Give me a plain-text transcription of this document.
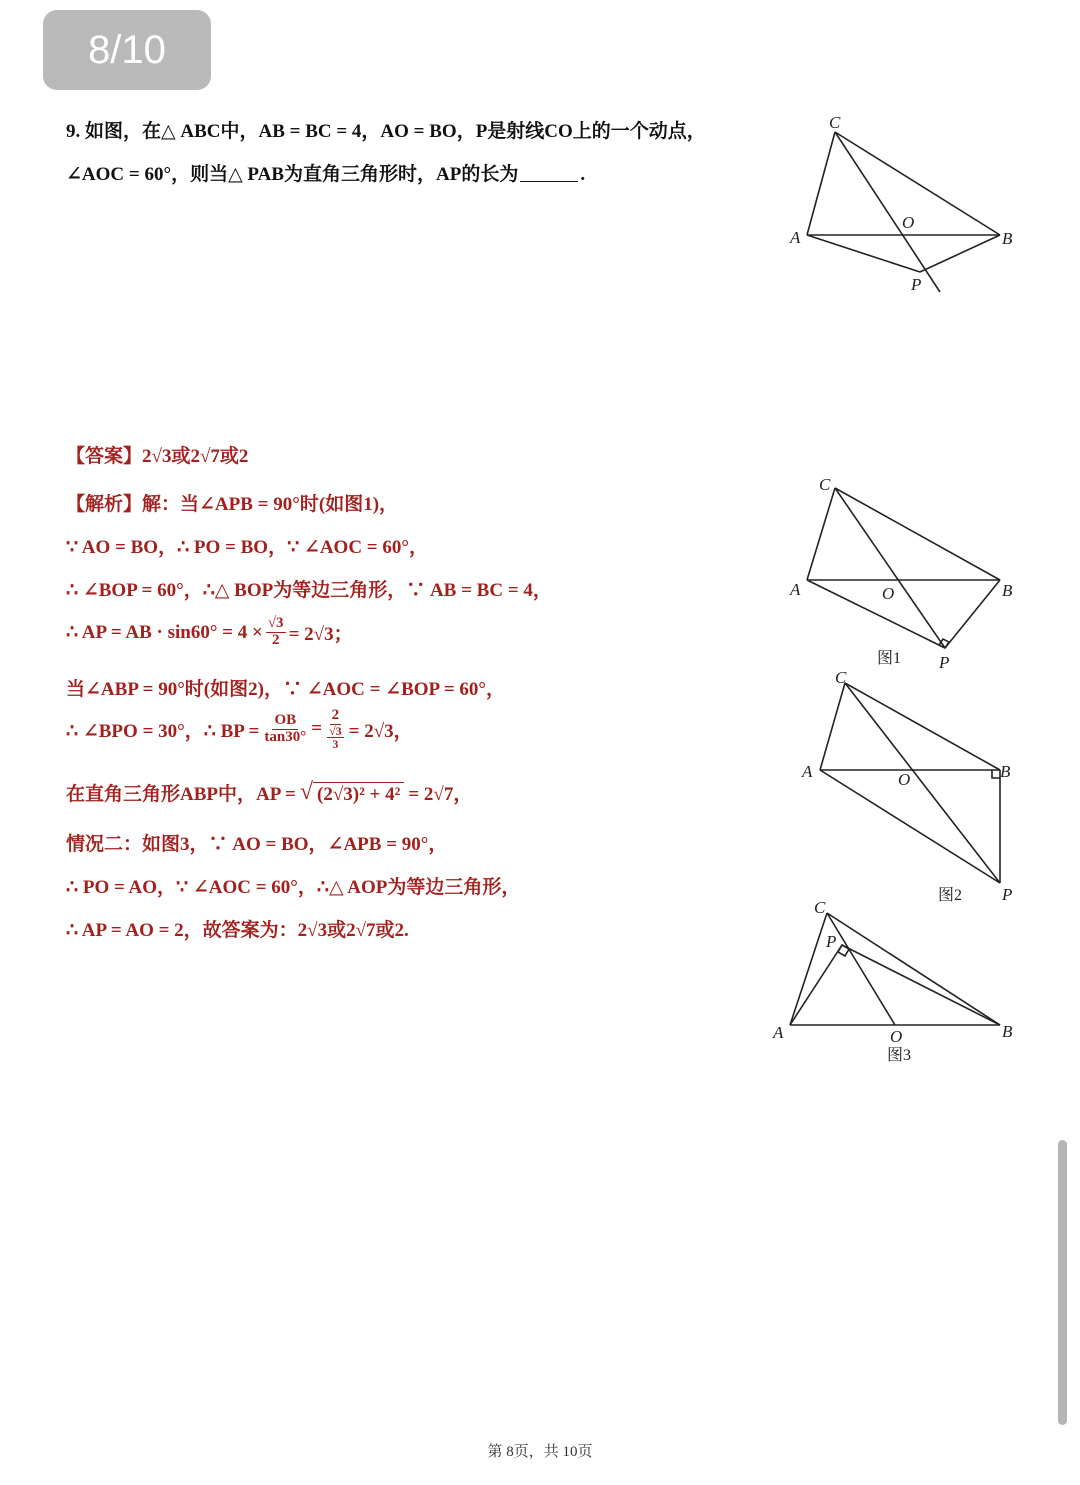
8/10
9. 如图，在△ ABC中，AB = BC = 4，AO = BO，P是射线CO上的一个动点，
∠AOC = 60°，则当△ PAB为直角三角形时，AP的长为	.
【答案】2√3或2√7或2
【解析】解：当∠APB = 90°时(如图1)，
∵ AO = BO，∴ PO = BO，∵ ∠AOC = 60°，
∴ ∠BOP = 60°，∴△ BOP为等边三角形，∵ AB = BC = 4，
∴ AP = AB · $\sin 60^\circ = 4 \times \frac{√3}{2} = 2√3$；
当∠ABP = 90°时(如图2)，∵ ∠AOC = ∠BOP = 60°，
∴ ∠BPO = 30°，∴ BP = $\frac{OB}{\tan 30^\circ} = \frac{2}{\frac{√3}{3}} = 2√3$，
在直角三角形ABP中，AP = √ (2√3)² + 4² = 2√7，
情况二：如图3，∵ AO = BO，∠APB = 90°，
∴ PO = AO，∵ ∠AOC = 60°，∴△ AOP为等边三角形，
∴ AP = AO = 2，故答案为：2√3或2√7或2.
C
A	B
O
P
C
A	B
O
P
图1
C
A	B
O
P
图2
C
P
A	B
O
图3
第 8页，共 10页
